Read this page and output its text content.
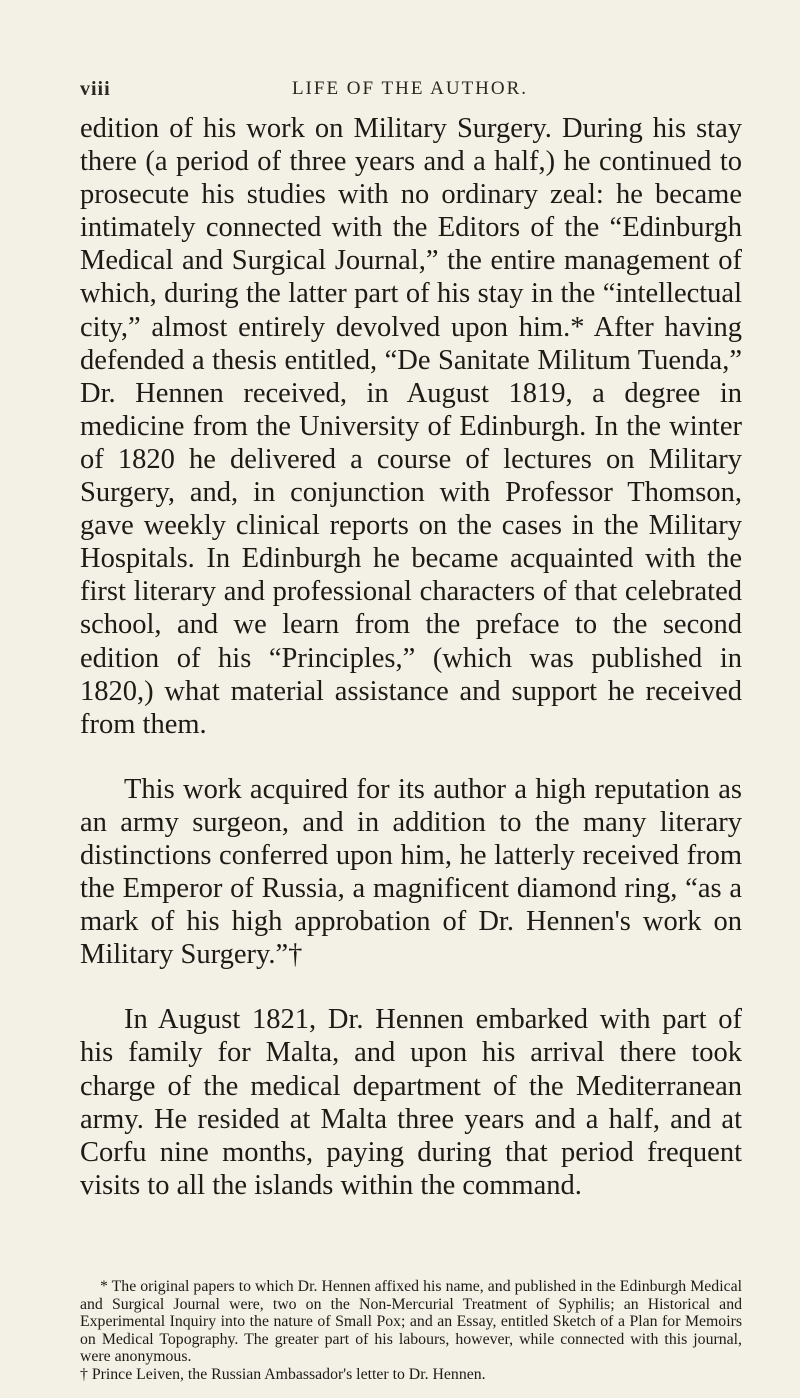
viii	LIFE OF THE AUTHOR.

edition of his work on Military Surgery. During his stay there (a period of three years and a half,) he continued to prosecute his studies with no ordinary zeal: he became intimately connected with the Editors of the “Edinburgh Medical and Surgical Journal,” the entire management of which, during the latter part of his stay in the “intellectual city,” almost entirely devolved upon him.* After having defended a thesis entitled, “De Sanitate Militum Tuenda,” Dr. Hennen received, in August 1819, a degree in medicine from the University of Edinburgh. In the winter of 1820 he delivered a course of lectures on Military Surgery, and, in conjunction with Professor Thomson, gave weekly clinical reports on the cases in the Military Hospitals. In Edinburgh he became acquainted with the first literary and professional characters of that celebrated school, and we learn from the preface to the second edition of his “Principles,” (which was published in 1820,) what material assistance and support he received from them.

This work acquired for its author a high reputation as an army surgeon, and in addition to the many literary distinctions conferred upon him, he latterly received from the Emperor of Russia, a magnificent diamond ring, “as a mark of his high approbation of Dr. Hennen's work on Military Surgery.”†

In August 1821, Dr. Hennen embarked with part of his family for Malta, and upon his arrival there took charge of the medical department of the Mediterranean army. He resided at Malta three years and a half, and at Corfu nine months, paying during that period frequent visits to all the islands within the command.

* The original papers to which Dr. Hennen affixed his name, and published in the Edinburgh Medical and Surgical Journal were, two on the Non-Mercurial Treatment of Syphilis; an Historical and Experimental Inquiry into the nature of Small Pox; and an Essay, entitled Sketch of a Plan for Memoirs on Medical Topography. The greater part of his labours, however, while connected with this journal, were anonymous.

† Prince Leiven, the Russian Ambassador's letter to Dr. Hennen.
